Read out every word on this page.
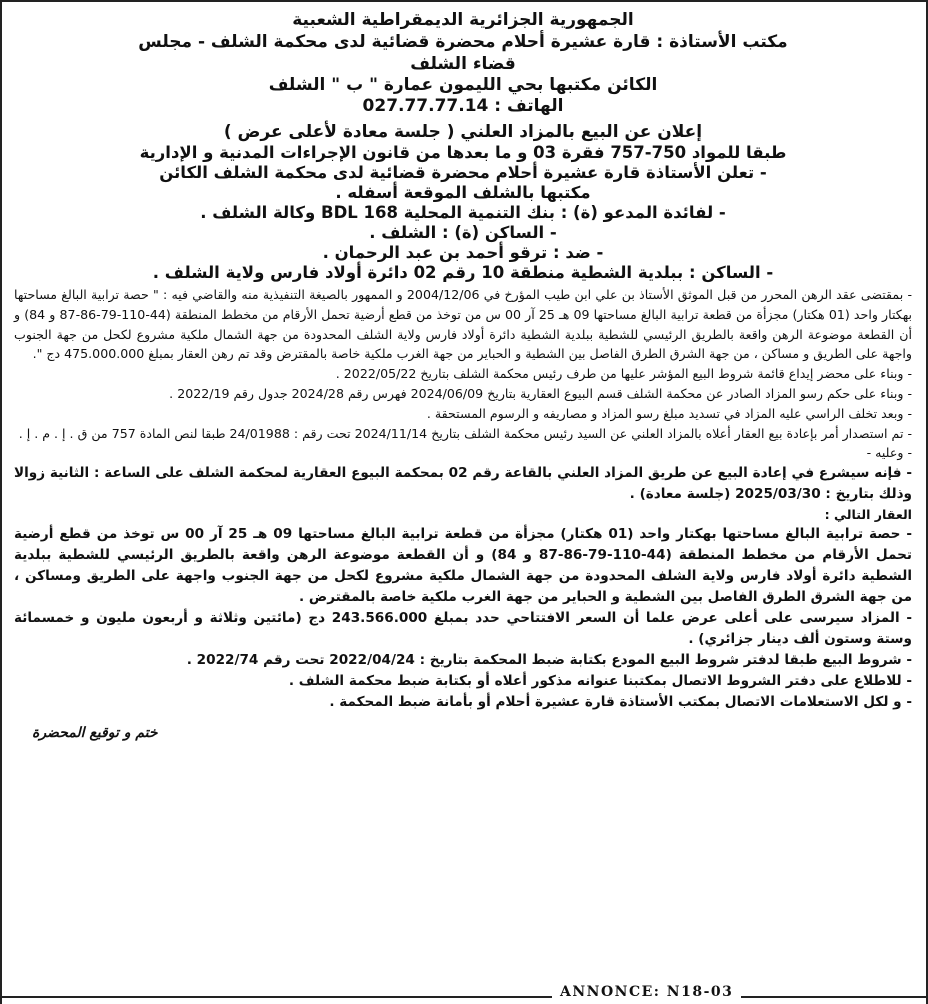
الجمهورية الجزائرية الديمقراطية الشعبية
مكتب الأستاذة : قارة عشيرة أحلام محضرة قضائية لدى محكمة الشلف - مجلس
قضاء الشلف
الكائن مكتبها بحي الليمون عمارة " ب " الشلف
الهاتف : 027.77.77.14
إعلان عن البيع بالمزاد العلني ( جلسة معادة لأعلى عرض )
طبقا للمواد 750-757 فقرة 03 و ما بعدها من قانون الإجراءات المدنية و الإدارية
- تعلن الأستاذة قارة عشيرة أحلام محضرة قضائية لدى محكمة الشلف الكائن
مكتبها بالشلف الموقعة أسفله .
- لفائدة المدعو (ة) : بنك التنمية المحلية BDL 168 وكالة الشلف .
- الساكن (ة) : الشلف .
- ضد : ترقو أحمد بن عبد الرحمان .
- الساكن : ببلدية الشطية منطقة 10 رقم 02 دائرة أولاد فارس ولاية الشلف .

- بمقتضى عقد الرهن المحرر من قبل الموثق الأستاذ بن علي ابن طيب المؤرخ في 2004/12/06 و الممهور بالصيغة التنفيذية منه والقاضي فيه : " حصة ترابية البالغ مساحتها بهكتار واحد (01 هكتار) مجزأة من قطعة ترابية البالغ مساحتها 09 هـ 25 آر 00 س من توخذ من قطع أرضية تحمل الأرقام من مخطط المنطقة (44-110-79-86-87 و 84) و أن القطعة موضوعة الرهن واقعة بالطريق الرئيسي للشطية ببلدية الشطية دائرة أولاد فارس ولاية الشلف المحدودة من جهة الشمال ملكية مشروع لكحل من جهة الجنوب واجهة على الطريق و مساكن ، من جهة الشرق الطرق الفاصل بين الشطية و الحباير من جهة الغرب ملكية خاصة بالمقترض وقد تم رهن العقار بمبلغ 475.000.000 دج ".

- وبناء على محضر إيداع قائمة شروط البيع المؤشر عليها من طرف رئيس محكمة الشلف بتاريخ 2022/05/22 .

- وبناء على حكم رسو المزاد الصادر عن محكمة الشلف قسم البيوع العقارية بتاريخ 2024/06/09 فهرس رقم 2024/28 جدول رقم 2022/19 .

- وبعد تخلف الراسي عليه المزاد في تسديد مبلغ رسو المزاد و مصاريفه و الرسوم المستحقة .

- تم استصدار أمر بإعادة بيع العقار أعلاه بالمزاد العلني عن السيد رئيس محكمة الشلف بتاريخ 2024/11/14 تحت رقم : 24/01988 طبقا لنص المادة 757 من ق . إ . م . إ .

- وعليه -

- فإنه سيشرع في إعادة البيع عن طريق المزاد العلني بالقاعة رقم 02 بمحكمة البيوع العقارية لمحكمة الشلف على الساعة : الثانية زوالا وذلك بتاريخ : 2025/03/30 (جلسة معادة) .

العقار التالي :

- حصة ترابية البالغ مساحتها بهكتار واحد (01 هكتار) مجزأة من قطعة ترابية البالغ مساحتها 09 هـ 25 آر 00 س توخذ من قطع أرضية تحمل الأرقام من مخطط المنطقة (44-110-79-86-87 و 84) و أن القطعة موضوعة الرهن واقعة بالطريق الرئيسي للشطية ببلدية الشطية دائرة أولاد فارس ولاية الشلف المحدودة من جهة الشمال ملكية مشروع لكحل من جهة الجنوب واجهة على الطريق ومساكن ، من جهة الشرق الطرق الفاصل بين الشطية و الحباير من جهة الغرب ملكية خاصة بالمقترض .

- المزاد سيرسى على أعلى عرض علما أن السعر الافتتاحي حدد بمبلغ 243.566.000 دج (مائتين وثلاثة و أربعون مليون و خمسمائة وستة وستون ألف دينار جزائري) .

- شروط البيع طبقا لدفتر شروط البيع المودع بكتابة ضبط المحكمة بتاريخ : 2022/04/24 تحت رقم 2022/74 .

- للاطلاع على دفتر الشروط الاتصال بمكتبنا عنوانه مذكور أعلاه أو بكتابة ضبط محكمة الشلف .

- و لكل الاستعلامات الاتصال بمكتب الأستاذة قارة عشيرة أحلام أو بأمانة ضبط المحكمة .

ختم و توقيع المحضرة
ANNONCE: N18-03
